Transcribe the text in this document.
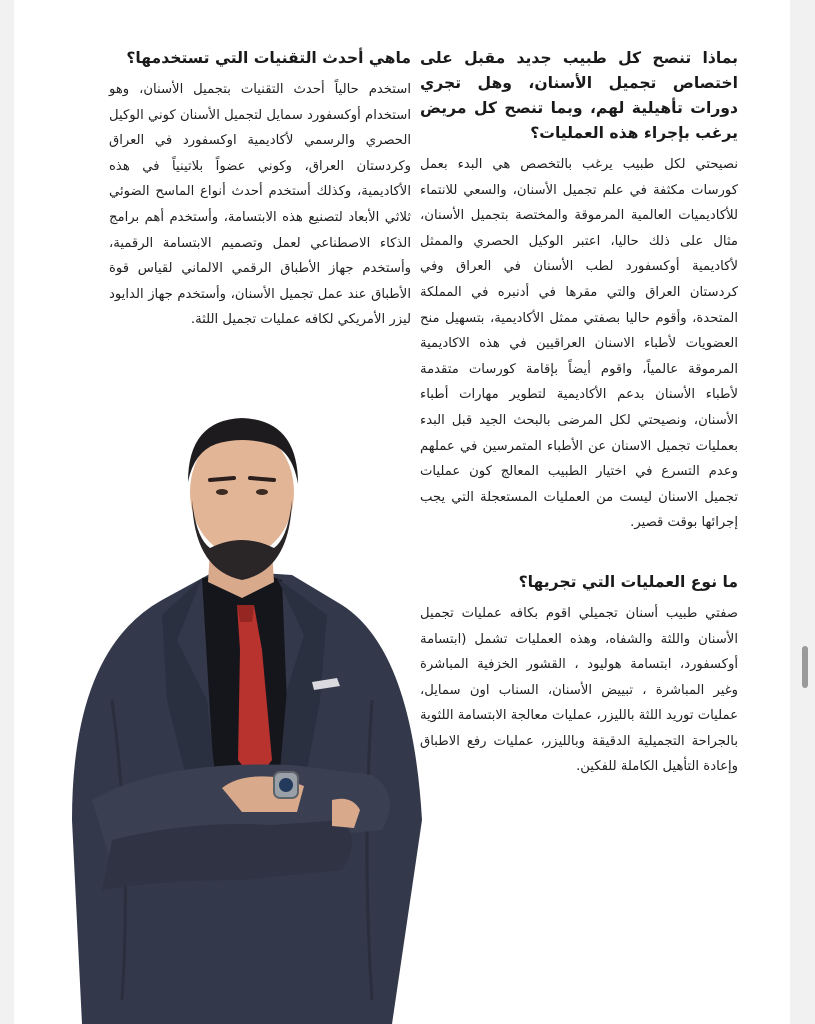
بماذا تنصح كل طبيب جديد مقبل على اختصاص تجميل الأسنان، وهل تجري دورات تأهيلية لهم، وبما تنصح كل مريض يرغب بإجراء هذه العمليات؟

نصيحتي لكل طبيب يرغب بالتخصص هي البدء بعمل كورسات مكثفة في علم تجميل الأسنان، والسعي للانتماء للأكاديميات العالمية المرموقة والمختصة بتجميل الأسنان، مثال على ذلك حاليا، اعتبر الوكيل الحصري والممثل لأكاديمية أوكسفورد لطب الأسنان في العراق وفي كردستان العراق والتي مقرها في أدنبره في المملكة المتحدة، وأقوم حاليا بصفتي ممثل الأكاديمية، بتسهيل منح العضويات لأطباء الاسنان العراقيين في هذه الاكاديمية المرموقة عالمياً، واقوم أيضاً بإقامة كورسات متقدمة لأطباء الأسنان بدعم الأكاديمية لتطوير مهارات أطباء الأسنان، ونصيحتي لكل المرضى بالبحث الجيد قبل البدء بعمليات تجميل الاسنان عن الأطباء المتمرسين في عملهم وعدم التسرع في اختيار الطبيب المعالج كون عمليات تجميل الاسنان ليست من العمليات المستعجلة التي يجب إجرائها بوقت قصير.

ما نوع العمليات التي تجريها؟

صفتي طبيب أسنان تجميلي اقوم بكافه عمليات تجميل الأسنان واللثة والشفاه، وهذه العمليات تشمل (ابتسامة أوكسفورد، ابتسامة هوليود ، القشور الخزفية المباشرة وغير المباشرة ، تبييض الأسنان، السناب اون سمايل، عمليات توريد اللثة بالليزر، عمليات معالجة الابتسامة اللثوية بالجراحة التجميلية الدقيقة وبالليزر، عمليات رفع الاطباق وإعادة التأهيل الكاملة للفكين.

ماهي أحدث التقنيات التي تستخدمها؟

استخدم حالياً أحدث التقنيات بتجميل الأسنان، وهو استخدام أوكسفورد سمايل لتجميل الأسنان كوني الوكيل الحصري والرسمي لأكاديمية اوكسفورد في العراق وكردستان العراق، وكوني عضواً بلاتينياً في هذه الأكاديمية، وكذلك أستخدم أحدث أنواع الماسح الضوئي ثلاثي الأبعاد لتصنيع هذه الابتسامة، وأستخدم أهم برامج الذكاء الاصطناعي لعمل وتصميم الابتسامة الرقمية، وأستخدم جهاز الأطباق الرقمي الالماني لقياس قوة الأطباق عند عمل تجميل الأسنان، وأستخدم جهاز الدايود ليزر الأمريكي لكافه عمليات تجميل اللثة.
